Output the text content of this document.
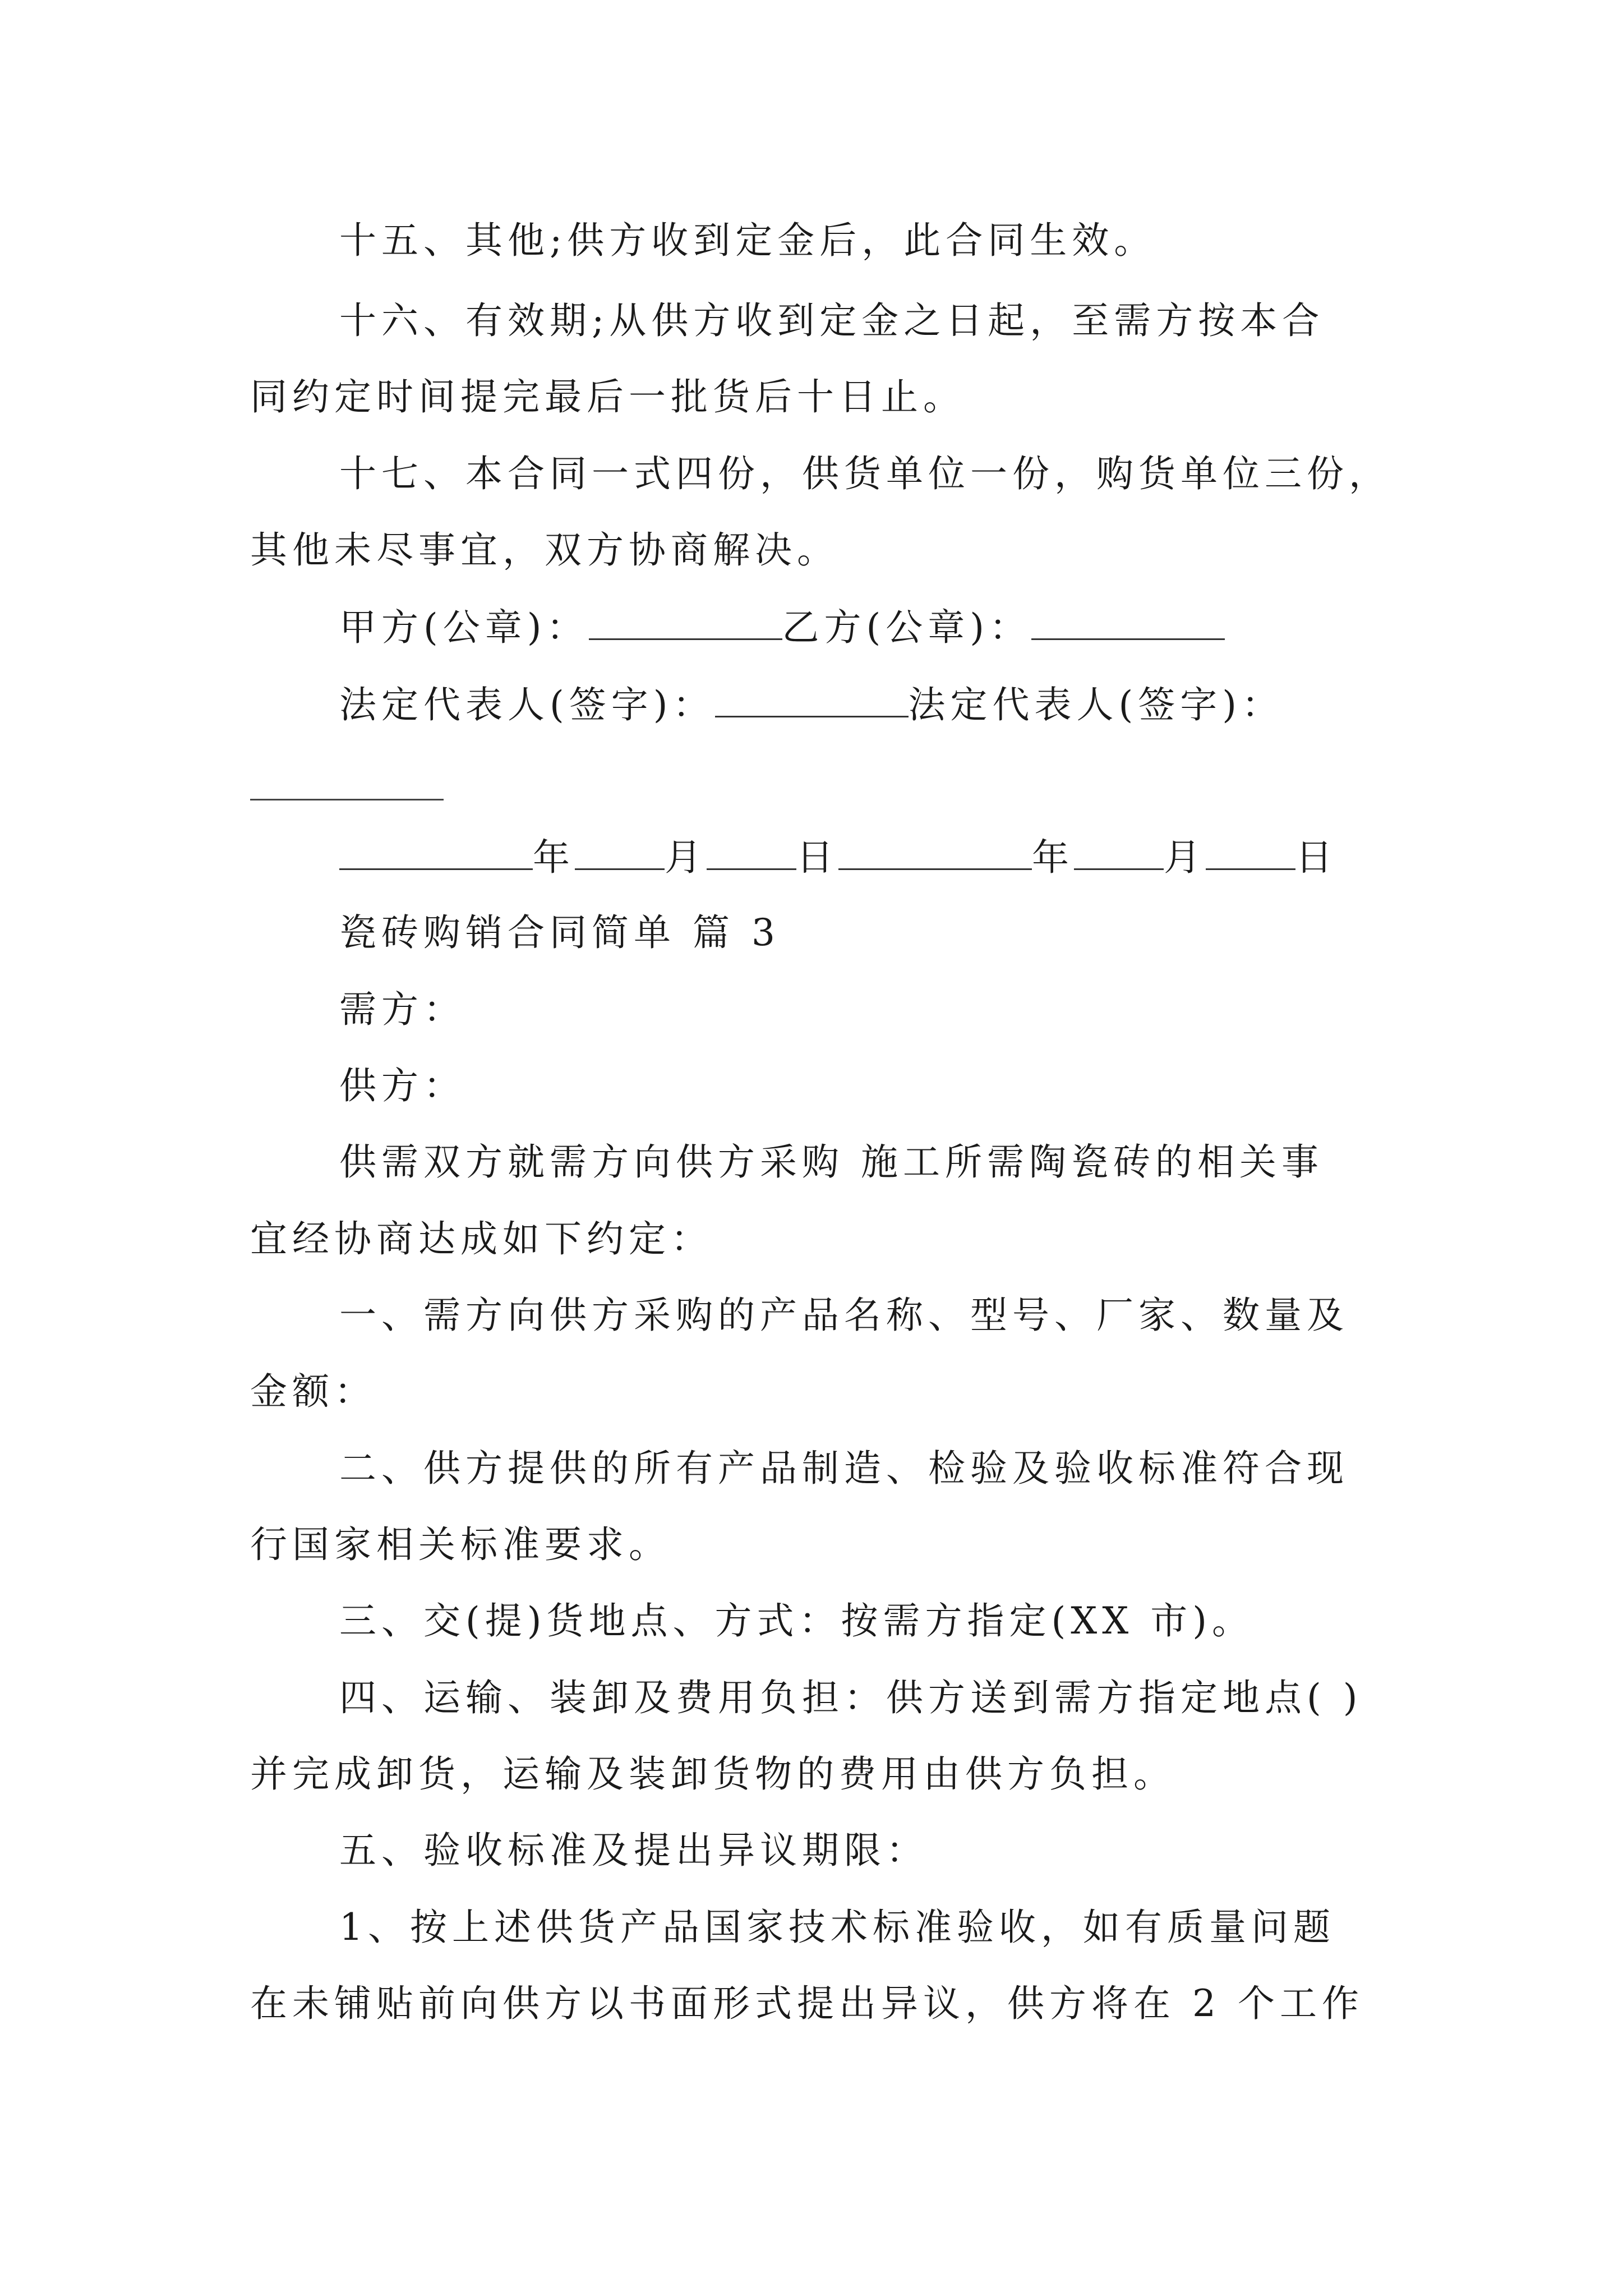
十五、其他;供方收到定金后，此合同生效。
十六、有效期;从供方收到定金之日起，至需方按本合
同约定时间提完最后一批货后十日止。
十七、本合同一式四份，供货单位一份，购货单位三份，
其他未尽事宜，双方协商解决。
甲方(公章)：	乙方(公章)：
法定代表人(签字)：	法定代表人(签字)：
年 月 日	年 月 日
瓷砖购销合同简单 篇 3
需方：
供方：
供需双方就需方向供方采购 施工所需陶瓷砖的相关事
宜经协商达成如下约定：
一、需方向供方采购的产品名称、型号、厂家、数量及
金额：
二、供方提供的所有产品制造、检验及验收标准符合现
行国家相关标准要求。
三、交(提)货地点、方式：按需方指定(XX 市)。
四、运输、装卸及费用负担：供方送到需方指定地点( )
并完成卸货，运输及装卸货物的费用由供方负担。
五、验收标准及提出异议期限：
1、按上述供货产品国家技术标准验收，如有质量问题
在未铺贴前向供方以书面形式提出异议，供方将在 2 个工作
